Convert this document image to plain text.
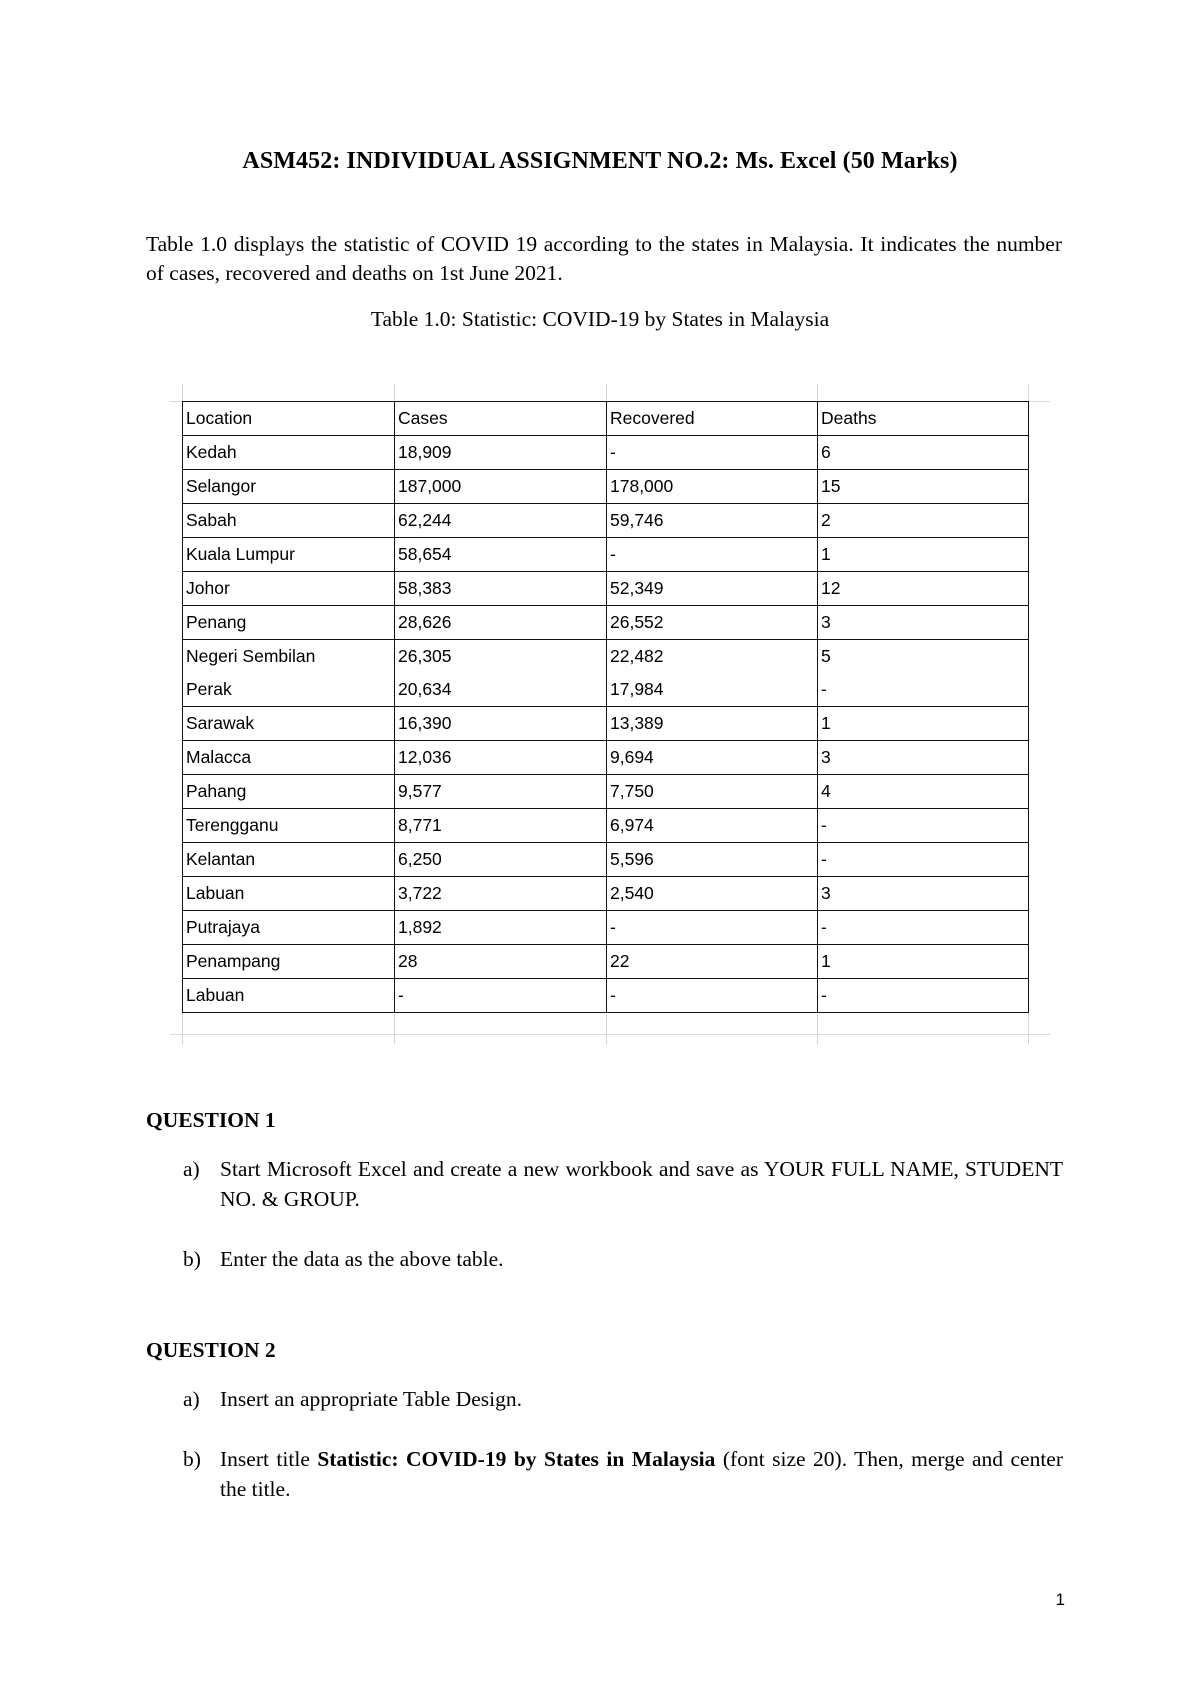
ASM452: INDIVIDUAL ASSIGNMENT NO.2: Ms. Excel (50 Marks)
Table 1.0 displays the statistic of COVID 19 according to the states in Malaysia. It indicates the number of cases, recovered and deaths on 1st June 2021.
Table 1.0: Statistic: COVID-19 by States in Malaysia
Location	Cases	Recovered	Deaths
Kedah	18,909	-	6
Selangor	187,000	178,000	15
Sabah	62,244	59,746	2
Kuala Lumpur	58,654	-	1
Johor	58,383	52,349	12
Penang	28,626	26,552	3
Negeri Sembilan	26,305	22,482	5
Perak	20,634	17,984	-
Sarawak	16,390	13,389	1
Malacca	12,036	9,694	3
Pahang	9,577	7,750	4
Terengganu	8,771	6,974	-
Kelantan	6,250	5,596	-
Labuan	3,722	2,540	3
Putrajaya	1,892	-	-
Penampang	28	22	1
Labuan	-	-	-
QUESTION 1
a) Start Microsoft Excel and create a new workbook and save as YOUR FULL NAME, STUDENT NO. & GROUP.
b) Enter the data as the above table.
QUESTION 2
a) Insert an appropriate Table Design.
b) Insert title Statistic: COVID-19 by States in Malaysia (font size 20). Then, merge and center the title.
1
